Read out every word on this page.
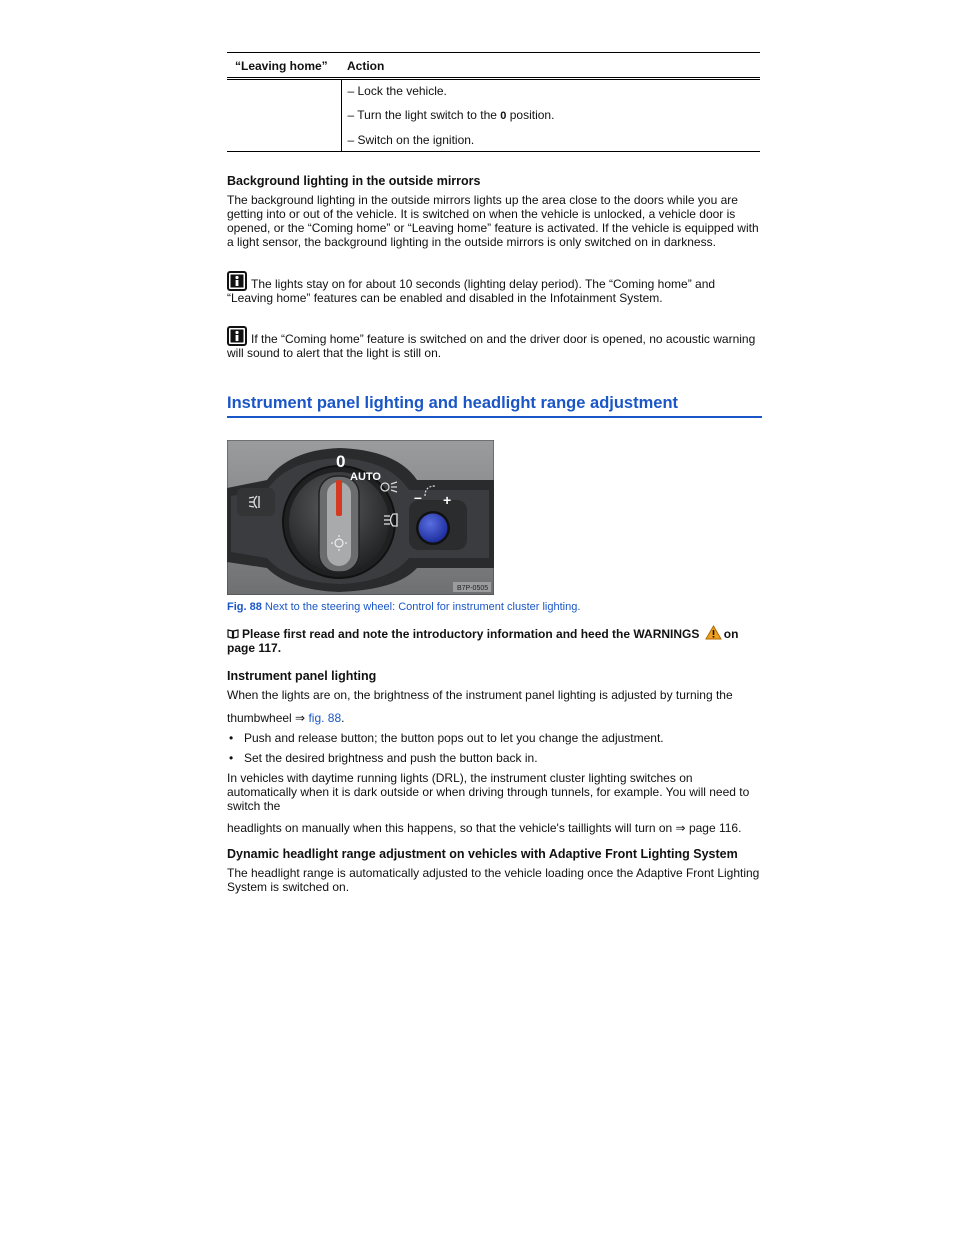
“Leaving home”	Action

	– Lock the vehicle.

– Turn the light switch to the 0 position.

– Switch on the ignition.

Background lighting in the outside mirrors

The background lighting in the outside mirrors lights up the area close to the doors while you are getting into or out of the vehicle. It is switched on when the vehicle is unlocked, a vehicle door is opened, or the “Coming home” or “Leaving home” feature is activated. If the vehicle is equipped with a light sensor, the background lighting in the outside mirrors is only switched on in darkness.

The lights stay on for about 10 seconds (lighting delay period). The “Coming home” and “Leaving home” features can be enabled and disabled in the Infotainment System.
If the “Coming home” feature is switched on and the driver door is opened, no acoustic warning will sound to alert that the light is still on.
Instrument panel lighting and headlight range adjustment
0
AUTO
– +
B7P-0505
Fig. 88 Next to the steering wheel: Control for instrument cluster lighting.
Please first read and note the introductory information and heed the WARNINGS on page 117.
Instrument panel lighting

When the lights are on, the brightness of the instrument panel lighting is adjusted by turning the

thumbwheel ⇒ fig. 88.

• Push and release button; the button pops out to let you change the adjustment.
• Set the desired brightness and push the button back in.

In vehicles with daytime running lights (DRL), the instrument cluster lighting switches on automatically when it is dark outside or when driving through tunnels, for example. You will need to switch the

headlights on manually when this happens, so that the vehicle's taillights will turn on ⇒ page 116.

Dynamic headlight range adjustment on vehicles with Adaptive Front Lighting System

The headlight range is automatically adjusted to the vehicle loading once the Adaptive Front Lighting System is switched on.
